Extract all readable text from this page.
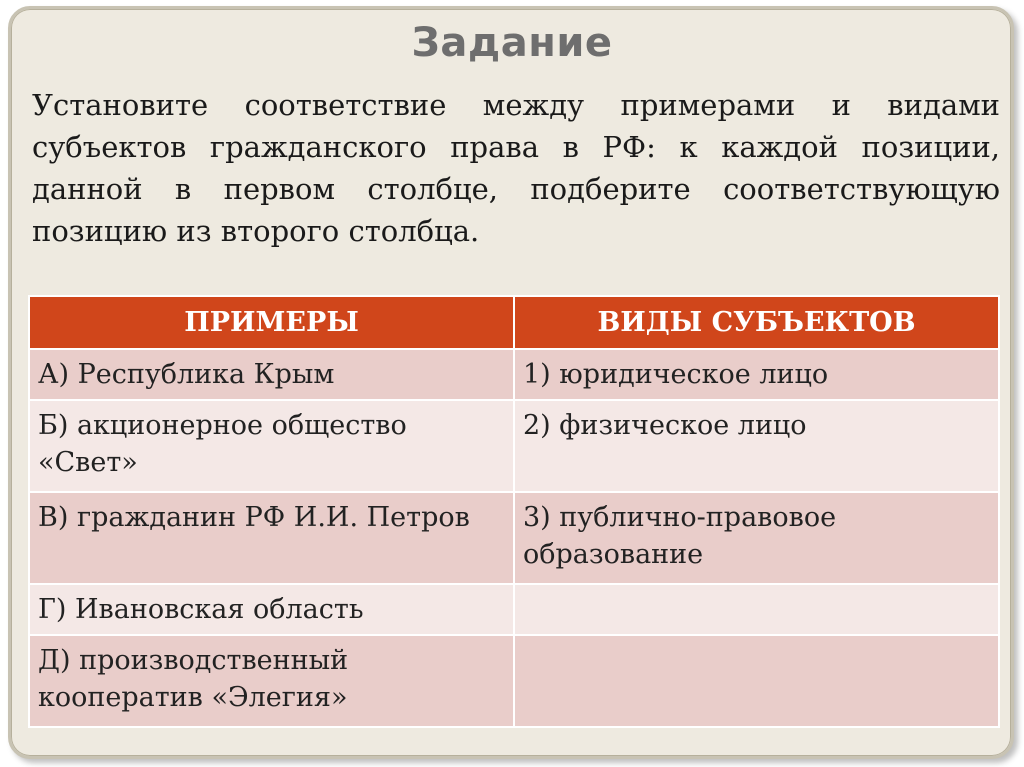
Задание

Установите соответствие между примерами и видами субъектов гражданского права в РФ: к каждой позиции, данной в первом столбце, подберите соответствующую позицию из второго столбца.

ПРИМЕРЫ	ВИДЫ СУБЪЕКТОВ
А) Республика Крым	1) юридическое лицо
Б) акционерное общество «Свет»	2) физическое лицо
В) гражданин РФ И.И. Петров	3) публично-правовое образование
Г) Ивановская область	
Д) производственный кооператив «Элегия»	
